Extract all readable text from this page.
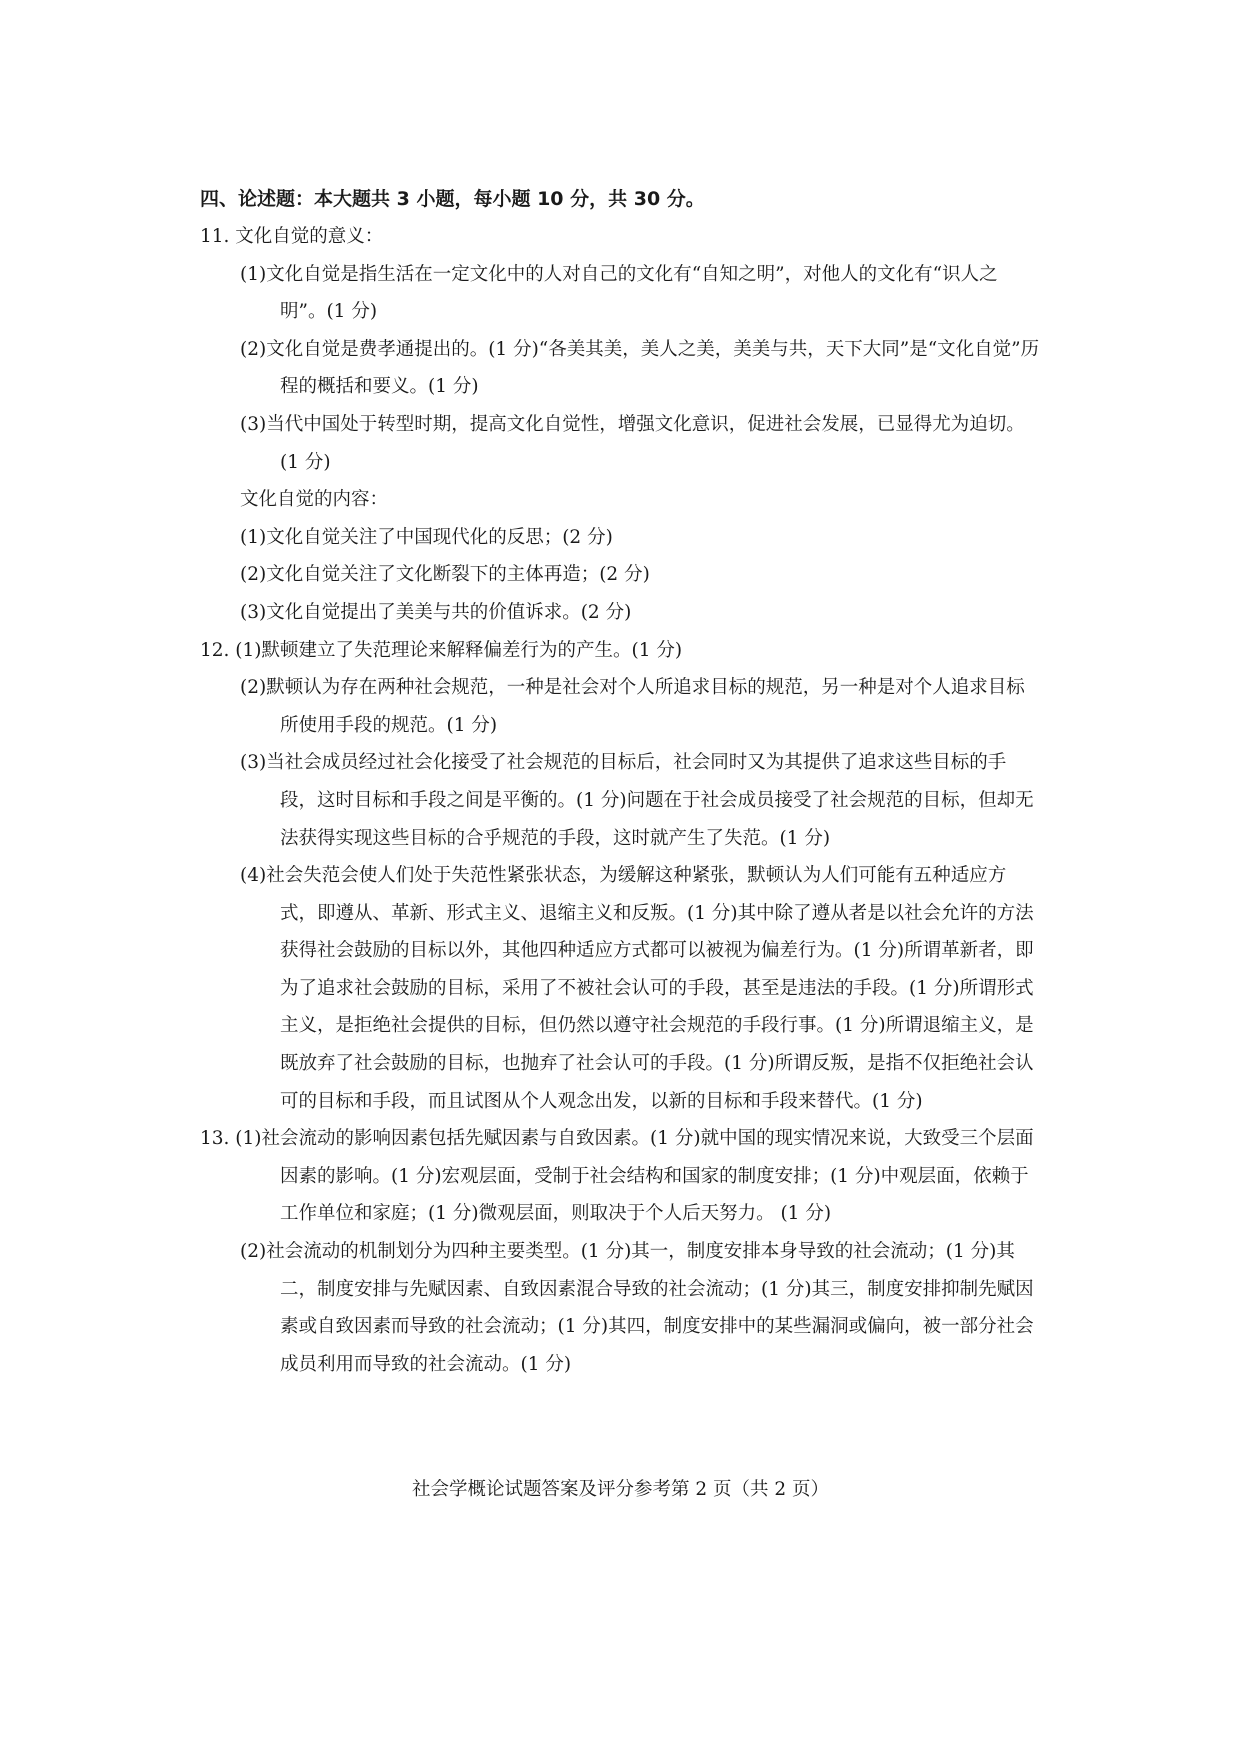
四、论述题：本大题共 3 小题，每小题 10 分，共 30 分。

11. 文化自觉的意义：

(1)文化自觉是指生活在一定文化中的人对自己的文化有“自知之明”，对他人的文化有“识人之明”。(1 分)

(2)文化自觉是费孝通提出的。(1 分)“各美其美，美人之美，美美与共，天下大同”是“文化自觉”历程的概括和要义。(1 分)

(3)当代中国处于转型时期，提高文化自觉性，增强文化意识，促进社会发展，已显得尤为迫切。(1 分)

文化自觉的内容：

(1)文化自觉关注了中国现代化的反思；(2 分)

(2)文化自觉关注了文化断裂下的主体再造；(2 分)

(3)文化自觉提出了美美与共的价值诉求。(2 分)

12. (1)默顿建立了失范理论来解释偏差行为的产生。(1 分)

(2)默顿认为存在两种社会规范，一种是社会对个人所追求目标的规范，另一种是对个人追求目标所使用手段的规范。(1 分)

(3)当社会成员经过社会化接受了社会规范的目标后，社会同时又为其提供了追求这些目标的手段，这时目标和手段之间是平衡的。(1 分)问题在于社会成员接受了社会规范的目标，但却无法获得实现这些目标的合乎规范的手段，这时就产生了失范。(1 分)

(4)社会失范会使人们处于失范性紧张状态，为缓解这种紧张，默顿认为人们可能有五种适应方式，即遵从、革新、形式主义、退缩主义和反叛。(1 分)其中除了遵从者是以社会允许的方法获得社会鼓励的目标以外，其他四种适应方式都可以被视为偏差行为。(1 分)所谓革新者，即为了追求社会鼓励的目标，采用了不被社会认可的手段，甚至是违法的手段。(1 分)所谓形式主义，是拒绝社会提供的目标，但仍然以遵守社会规范的手段行事。(1 分)所谓退缩主义，是既放弃了社会鼓励的目标，也抛弃了社会认可的手段。(1 分)所谓反叛，是指不仅拒绝社会认可的目标和手段，而且试图从个人观念出发，以新的目标和手段来替代。(1 分)

13. (1)社会流动的影响因素包括先赋因素与自致因素。(1 分)就中国的现实情况来说，大致受三个层面因素的影响。(1 分)宏观层面，受制于社会结构和国家的制度安排；(1 分)中观层面，依赖于工作单位和家庭；(1 分)微观层面，则取决于个人后天努力。 (1 分)

(2)社会流动的机制划分为四种主要类型。(1 分)其一，制度安排本身导致的社会流动；(1 分)其二，制度安排与先赋因素、自致因素混合导致的社会流动；(1 分)其三，制度安排抑制先赋因素或自致因素而导致的社会流动；(1 分)其四，制度安排中的某些漏洞或偏向，被一部分社会成员利用而导致的社会流动。(1 分)

社会学概论试题答案及评分参考第 2 页（共 2 页）
